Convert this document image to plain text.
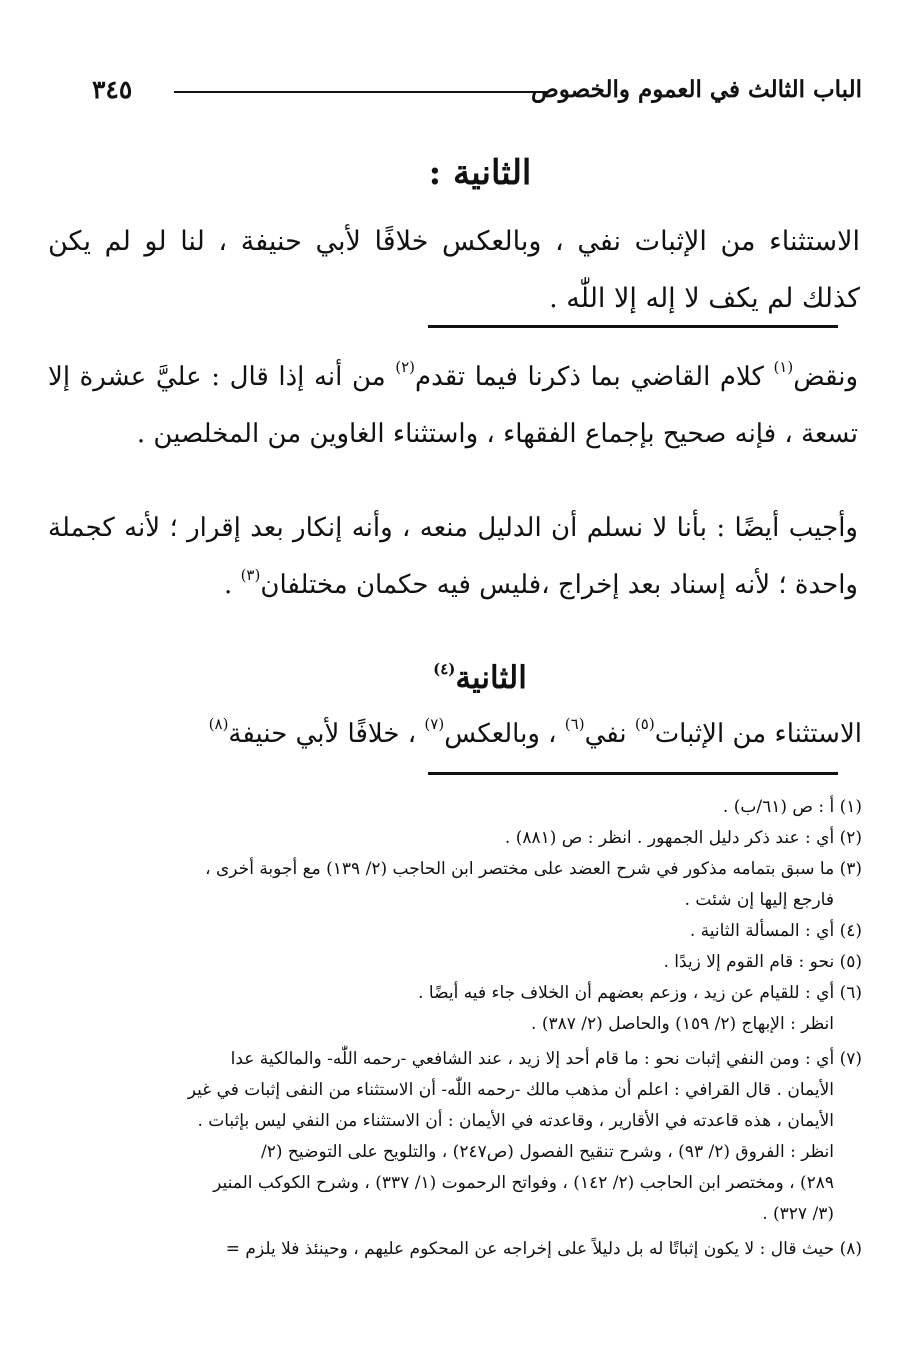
الباب الثالث في العموم والخصوص
٣٤٥
الثانية :

الاستثناء من الإثبات نفي ، وبالعكس خلافًا لأبي حنيفة ، لنا لو لم يكن كذلك لم يكف لا إله إلا اللّٰه .

ونقض$^{(١)}$ كلام القاضي بما ذكرنا فيما تقدم$^{(٢)}$ من أنه إذا قال : عليَّ عشرة إلا تسعة ، فإنه صحيح بإجماع الفقهاء ، واستثناء الغاوين من المخلصين .

وأجيب أيضًا : بأنا لا نسلم أن الدليل منعه ، وأنه إنكار بعد إقرار ؛ لأنه كجملة واحدة ؛ لأنه إسناد بعد إخراج ،فليس فيه حكمان مختلفان$^{(٣)}$ .

الثانية$^{(٤)}$

الاستثناء من الإثبات$^{(٥)}$ نفي$^{(٦)}$ ، وبالعكس$^{(٧)}$ ، خلافًا لأبي حنيفة$^{(٨)}$

(١) أ : ص (٦١/ب) .

(٢) أي : عند ذكر دليل الجمهور . انظر : ص (٨٨١) .

(٣) ما سبق بتمامه مذكور في شرح العضد على مختصر ابن الحاجب (٢/ ١٣٩) مع أجوبة أخرى ،

فارجع إليها إن شئت .

(٤) أي : المسألة الثانية .

(٥) نحو : قام القوم إلا زيدًا .

(٦) أي : للقيام عن زيد ، وزعم بعضهم أن الخلاف جاء فيه أيضًا .

انظر : الإبهاج (٢/ ١٥٩) والحاصل (٢/ ٣٨٧) .

(٧) أي : ومن النفي إثبات نحو : ما قام أحد إلا زيد ، عند الشافعي -رحمه اللّٰه- والمالكية عدا

الأيمان . قال القرافي : اعلم أن مذهب مالك -رحمه اللّٰه- أن الاستثناء من النفى إثبات في غير

الأيمان ، هذه قاعدته في الأقارير ، وقاعدته في الأيمان : أن الاستثناء من النفي ليس بإثبات .

انظر : الفروق (٢/ ٩٣) ، وشرح تنقيح الفصول (ص٢٤٧) ، والتلويح على التوضيح (٢/

٢٨٩) ، ومختصر ابن الحاجب (٢/ ١٤٢) ، وفواتح الرحموت (١/ ٣٣٧) ، وشرح الكوكب المنير

(٣/ ٣٢٧) .

(٨) حيث قال : لا يكون إثباتًا له بل دليلاً على إخراجه عن المحكوم عليهم ، وحينئذ فلا يلزم =
